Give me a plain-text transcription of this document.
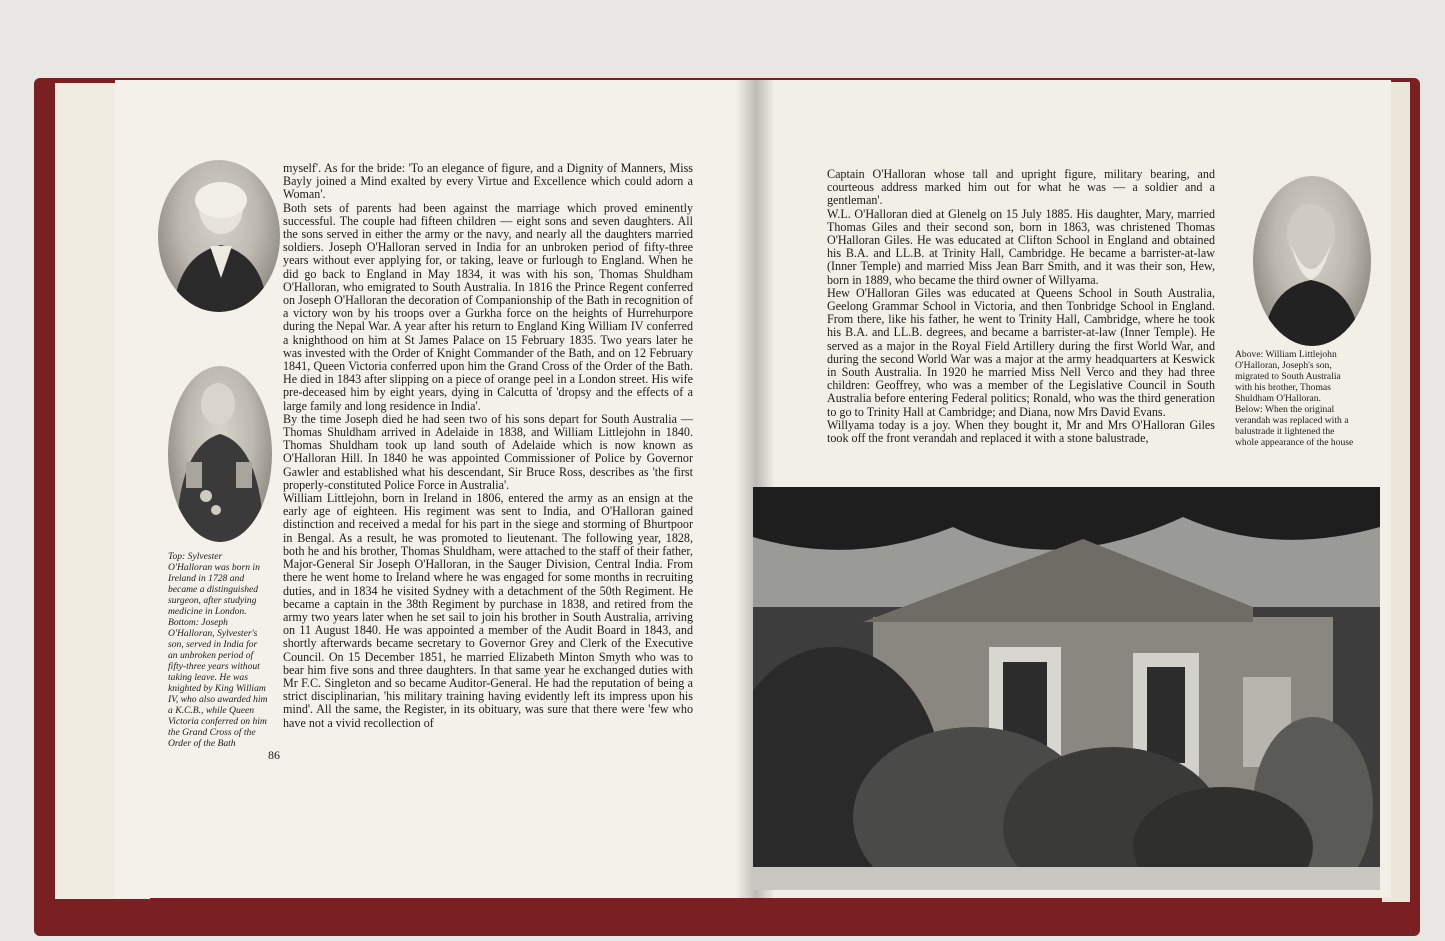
myself'. As for the bride: 'To an elegance of figure, and a Dignity of Manners, Miss Bayly joined a Mind exalted by every Virtue and Excellence which could adorn a Woman'.
Both sets of parents had been against the marriage which proved eminently successful. The couple had fifteen children — eight sons and seven daughters. All the sons served in either the army or the navy, and nearly all the daughters married soldiers. Joseph O'Halloran served in India for an unbroken period of fifty-three years without ever applying for, or taking, leave or furlough to England. When he did go back to England in May 1834, it was with his son, Thomas Shuldham O'Halloran, who emigrated to South Australia. In 1816 the Prince Regent conferred on Joseph O'Halloran the decoration of Companionship of the Bath in recognition of a victory won by his troops over a Gurkha force on the heights of Hurrehurpore during the Nepal War. A year after his return to England King William IV conferred a knighthood on him at St James Palace on 15 February 1835. Two years later he was invested with the Order of Knight Commander of the Bath, and on 12 February 1841, Queen Victoria conferred upon him the Grand Cross of the Order of the Bath. He died in 1843 after slipping on a piece of orange peel in a London street. His wife pre-deceased him by eight years, dying in Calcutta of 'dropsy and the effects of a large family and long residence in India'.
By the time Joseph died he had seen two of his sons depart for South Australia — Thomas Shuldham arrived in Adelaide in 1838, and William Littlejohn in 1840. Thomas Shuldham took up land south of Adelaide which is now known as O'Halloran Hill. In 1840 he was appointed Commissioner of Police by Governor Gawler and established what his descendant, Sir Bruce Ross, describes as 'the first properly-constituted Police Force in Australia'.
William Littlejohn, born in Ireland in 1806, entered the army as an ensign at the early age of eighteen. His regiment was sent to India, and O'Halloran gained distinction and received a medal for his part in the siege and storming of Bhurtpoor in Bengal. As a result, he was promoted to lieutenant. The following year, 1828, both he and his brother, Thomas Shuldham, were attached to the staff of their father, Major-General Sir Joseph O'Halloran, in the Sauger Division, Central India. From there he went home to Ireland where he was engaged for some months in recruiting duties, and in 1834 he visited Sydney with a detachment of the 50th Regiment. He became a captain in the 38th Regiment by purchase in 1838, and retired from the army two years later when he set sail to join his brother in South Australia, arriving on 11 August 1840. He was appointed a member of the Audit Board in 1843, and shortly afterwards became secretary to Governor Grey and Clerk of the Executive Council. On 15 December 1851, he married Elizabeth Minton Smyth who was to bear him five sons and three daughters. In that same year he exchanged duties with Mr F.C. Singleton and so became Auditor-General. He had the reputation of being a strict disciplinarian, 'his military training having evidently left its impress upon his mind'. All the same, the Register, in its obituary, was sure that there were 'few who have not a vivid recollection of
Top: Sylvester O'Halloran was born in Ireland in 1728 and became a distinguished surgeon, after studying medicine in London.
Bottom: Joseph O'Halloran, Sylvester's son, served in India for an unbroken period of fifty-three years without taking leave. He was knighted by King William IV, who also awarded him a K.C.B., while Queen Victoria conferred on him the Grand Cross of the Order of the Bath
86
Captain O'Halloran whose tall and upright figure, military bearing, and courteous address marked him out for what he was — a soldier and a gentleman'.
W.L. O'Halloran died at Glenelg on 15 July 1885. His daughter, Mary, married Thomas Giles and their second son, born in 1863, was christened Thomas O'Halloran Giles. He was educated at Clifton School in England and obtained his B.A. and LL.B. at Trinity Hall, Cambridge. He became a barrister-at-law (Inner Temple) and married Miss Jean Barr Smith, and it was their son, Hew, born in 1889, who became the third owner of Willyama.
Hew O'Halloran Giles was educated at Queens School in South Australia, Geelong Grammar School in Victoria, and then Tonbridge School in England. From there, like his father, he went to Trinity Hall, Cambridge, where he took his B.A. and LL.B. degrees, and became a barrister-at-law (Inner Temple). He served as a major in the Royal Field Artillery during the first World War, and during the second World War was a major at the army headquarters at Keswick in South Australia. In 1920 he married Miss Nell Verco and they had three children: Geoffrey, who was a member of the Legislative Council in South Australia before entering Federal politics; Ronald, who was the third generation to go to Trinity Hall at Cambridge; and Diana, now Mrs David Evans.
Willyama today is a joy. When they bought it, Mr and Mrs O'Halloran Giles took off the front verandah and replaced it with a stone balustrade,
Above: William Littlejohn O'Halloran, Joseph's son, migrated to South Australia with his brother, Thomas Shuldham O'Halloran.
Below: When the original verandah was replaced with a balustrade it lightened the whole appearance of the house
